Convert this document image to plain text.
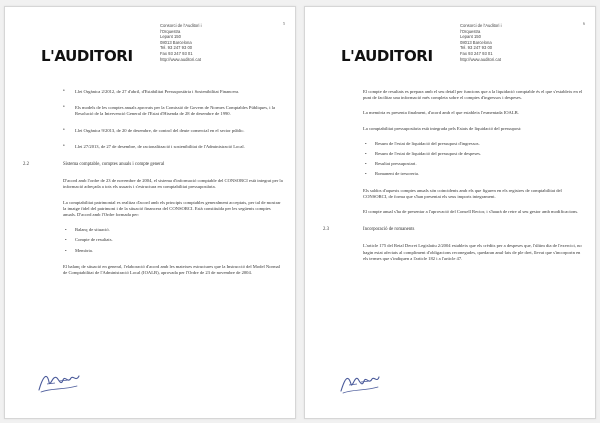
5
L'AUDITORI
Consorci de l'Auditori i
l'Orquestra
Lepant 150
08013 Barcelona
Tel. 93 247 93 00
Fax 93 247 93 01
http://www.auditori.cat
• Llei Orgànica 2/2012, de 27 d'abril, d'Estabilitat Pressupostària i Sostenibilitat Financera.
• Els models de les comptes anuals aprovats per la Comissió de Govern de Normes Comptables Públiques, i la Resolució de la Intervenció General de l'Estat d'Hisenda de 28 de desembre de 1990.
• Llei Orgànica 9/2013, de 20 de desembre, de control del deute comercial en el sector públic.
• Llei 27/2013, de 27 de desembre, de racionalització i sostenibilitat de l'Administració Local.
2.2	Sistema comptable, comptes anuals i compte general
D'acord amb l'ordre de 23 de novembre de 2004, el sistema d'informació comptable del CONSORCI està integrat per la informació adreçada a tots els usuaris i s'estructura en comptabilitat pressupostària.
La comptabilitat patrimonial es realitza d'acord amb els principis comptables generalment acceptats, per tal de mostrar la imatge fidel del patrimoni i de la situació financera del CONSORCI. Està constituïda per les següents comptes anuals. D'acord amb l'Ordre formada per:
• Balanç de situació.
• Compte de resultats.
• Memòria.
El balanç de situació en general, l'elaboració d'acord amb les mateixes estructures que la Instrucció del Model Normal de Comptabilitat de l'Administració Local (IOALB), aprovada per l'Ordre de 23 de novembre de 2004.
6
L'AUDITORI
Consorci de l'Auditori i
l'Orquestra
Lepant 150
08013 Barcelona
Tel. 93 247 93 00
Fax 93 247 93 01
http://www.auditori.cat
El compte de resultats es prepara amb el seu detall per funcions que a la liquidació comptable és el que s'estableix en el punt de facilitar una informació més completa sobre el comptes d'ingressos i despeses.
La memòria es presenta finalment, d'acord amb el que estableix l'esmentada IOALB.
La comptabilitat pressupostària està integrada pels Estats de liquidació del pressupost:
• Resum de l'estat de liquidació del pressupost d'ingressos.
• Resum de l'estat de liquidació del pressupost de despeses.
• Resultat pressupostari.
• Romanent de tresoreria.
Els saldos d'aquests comptes anuals són coincidents amb els que figuren en els registres de comptabilitat del CONSORCI, de forma que s'han presentat els seus imports integrament.
El compte anual s'ha de presentar a l'aprovació del Consell Rector, i s'haurà de retre al seu gestor amb modificacions.
2.3	Incorporació de romanents
L'article 175 del Reial Decret Legislatiu 2/2004 estableix que els crèdits per a despeses que, l'últim dia de l'exercici, no hagin estat afectats al compliment d'obligacions reconegudes, quedaran anul·lats de ple dret, llevat que s'incorporin en els termes que s'indiquen a l'article 182 i a l'article 47.
